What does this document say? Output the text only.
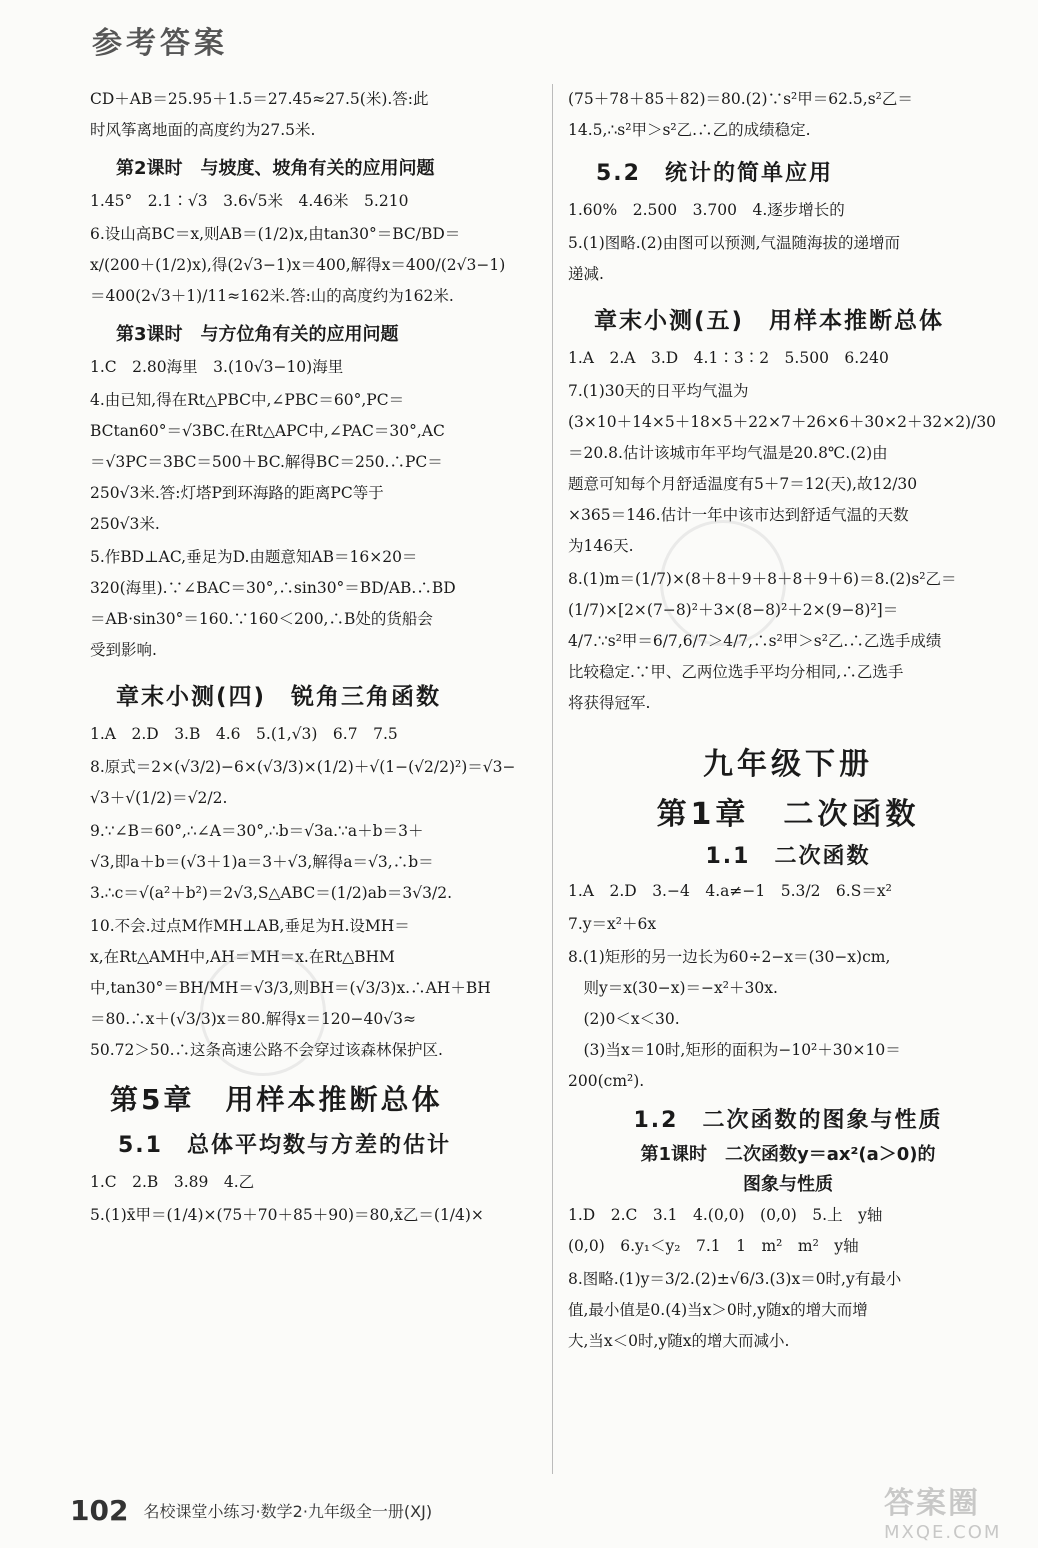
参考答案
CD＋AB＝25.95＋1.5＝27.45≈27.5(米).答:此
时风筝离地面的高度约为27.5米.
第2课时　与坡度、坡角有关的应用问题
1.45°　2.1∶√3　3.6√5米　4.46米　5.210
6.设山高BC＝x,则AB＝(1/2)x,由tan30°＝BC/BD＝
x/(200＋(1/2)x),得(2√3−1)x＝400,解得x＝400/(2√3−1)
＝400(2√3＋1)/11≈162米.答:山的高度约为162米.
第3课时　与方位角有关的应用问题
1.C　2.80海里　3.(10√3−10)海里
4.由已知,得在Rt△PBC中,∠PBC＝60°,PC＝
BCtan60°＝√3BC.在Rt△APC中,∠PAC＝30°,AC
＝√3PC＝3BC＝500＋BC.解得BC＝250.∴PC＝
250√3米.答:灯塔P到环海路的距离PC等于
250√3米.
5.作BD⊥AC,垂足为D.由题意知AB＝16×20＝
320(海里).∵∠BAC＝30°,∴sin30°＝BD/AB.∴BD
＝AB·sin30°＝160.∵160＜200,∴B处的货船会
受到影响.
章末小测(四)　锐角三角函数
1.A　2.D　3.B　4.6　5.(1,√3)　6.7　7.5
8.原式＝2×(√3/2)−6×(√3/3)×(1/2)＋√(1−(√2/2)²)＝√3−
√3＋√(1/2)＝√2/2.
9.∵∠B＝60°,∴∠A＝30°,∴b＝√3a.∵a＋b＝3＋
√3,即a＋b＝(√3＋1)a＝3＋√3,解得a＝√3,∴b＝
3.∴c＝√(a²＋b²)＝2√3,S△ABC＝(1/2)ab＝3√3/2.
10.不会.过点M作MH⊥AB,垂足为H.设MH＝
x,在Rt△AMH中,AH＝MH＝x.在Rt△BHM
中,tan30°＝BH/MH＝√3/3,则BH＝(√3/3)x.∴AH＋BH
＝80.∴x＋(√3/3)x＝80.解得x＝120−40√3≈
50.72＞50.∴这条高速公路不会穿过该森林保护区.
第5章　用样本推断总体
5.1　总体平均数与方差的估计
1.C　2.B　3.89　4.乙
5.(1)x̄甲＝(1/4)×(75＋70＋85＋90)＝80,x̄乙＝(1/4)×
(75＋78＋85＋82)＝80.(2)∵s²甲＝62.5,s²乙＝
14.5,∴s²甲＞s²乙.∴乙的成绩稳定.
5.2　统计的简单应用
1.60%　2.500　3.700　4.逐步增长的
5.(1)图略.(2)由图可以预测,气温随海拔的递增而
递减.
章末小测(五)　用样本推断总体
1.A　2.A　3.D　4.1∶3∶2　5.500　6.240
7.(1)30天的日平均气温为
(3×10＋14×5＋18×5＋22×7＋26×6＋30×2＋32×2)/30
＝20.8.估计该城市年平均气温是20.8℃.(2)由
题意可知每个月舒适温度有5＋7＝12(天),故12/30
×365＝146.估计一年中该市达到舒适气温的天数
为146天.
8.(1)m＝(1/7)×(8＋8＋9＋8＋8＋9＋6)＝8.(2)s²乙＝
(1/7)×[2×(7−8)²＋3×(8−8)²＋2×(9−8)²]＝
4/7.∵s²甲＝6/7,6/7＞4/7,∴s²甲＞s²乙.∴乙选手成绩
比较稳定.∵甲、乙两位选手平均分相同,∴乙选手
将获得冠军.
九年级下册
第1章　二次函数
1.1　二次函数
1.A　2.D　3.−4　4.a≠−1　5.3/2　6.S＝x²
7.y＝x²＋6x
8.(1)矩形的另一边长为60÷2−x＝(30−x)cm,
　则y＝x(30−x)＝−x²＋30x.
　(2)0＜x＜30.
　(3)当x＝10时,矩形的面积为−10²＋30×10＝
200(cm²).
1.2　二次函数的图象与性质
第1课时　二次函数y＝ax²(a＞0)的
图象与性质
1.D　2.C　3.1　4.(0,0)　(0,0)　5.上　y轴
(0,0)　6.y₁＜y₂　7.1　1　m²　m²　y轴
8.图略.(1)y＝3/2.(2)±√6/3.(3)x＝0时,y有最小
值,最小值是0.(4)当x＞0时,y随x的增大而增
大,当x＜0时,y随x的增大而减小.
102 名校课堂小练习·数学2·九年级全一册(XJ)	答案圈
MXQE.COM
